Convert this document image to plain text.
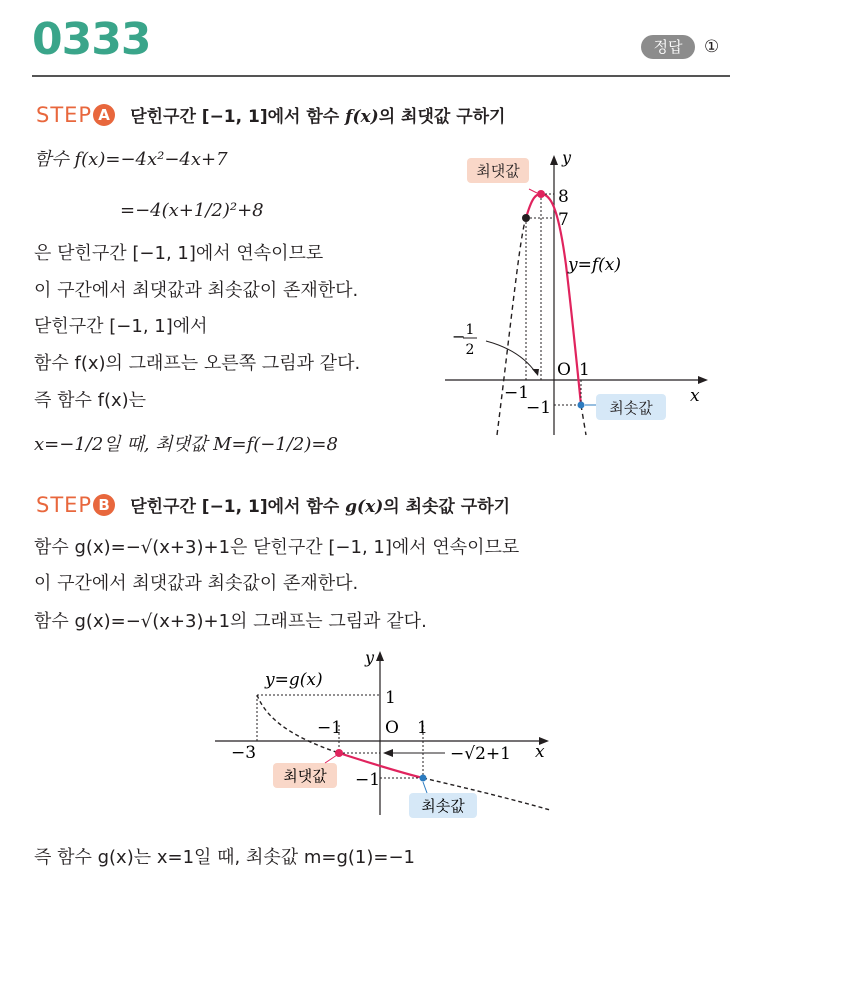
0333	정답	①
STEP A 닫힌구간 [−1, 1]에서 함수 f(x)의 최댓값 구하기
함수 f(x)=−4x²−4x+7
=−4(x+1/2)²+8
은 닫힌구간 [−1, 1]에서 연속이므로
이 구간에서 최댓값과 최솟값이 존재한다.
닫힌구간 [−1, 1]에서
함수 f(x)의 그래프는 오른쪽 그림과 같다.
즉 함수 f(x)는
x=−1/2일 때, 최댓값 M=f(−1/2)=8
최댓값
최솟값
y
x
8
7
y=f(x)
O 1
−1
−1
− 1
2
STEP B 닫힌구간 [−1, 1]에서 함수 g(x)의 최솟값 구하기
함수 g(x)=−√(x+3)+1은 닫힌구간 [−1, 1]에서 연속이므로
이 구간에서 최댓값과 최솟값이 존재한다.
함수 g(x)=−√(x+3)+1의 그래프는 그림과 같다.
−√2+1
y
x
y=g(x)
1
−1	O 1
−3
−1
최댓값
최솟값
즉 함수 g(x)는 x=1일 때, 최솟값 m=g(1)=−1
